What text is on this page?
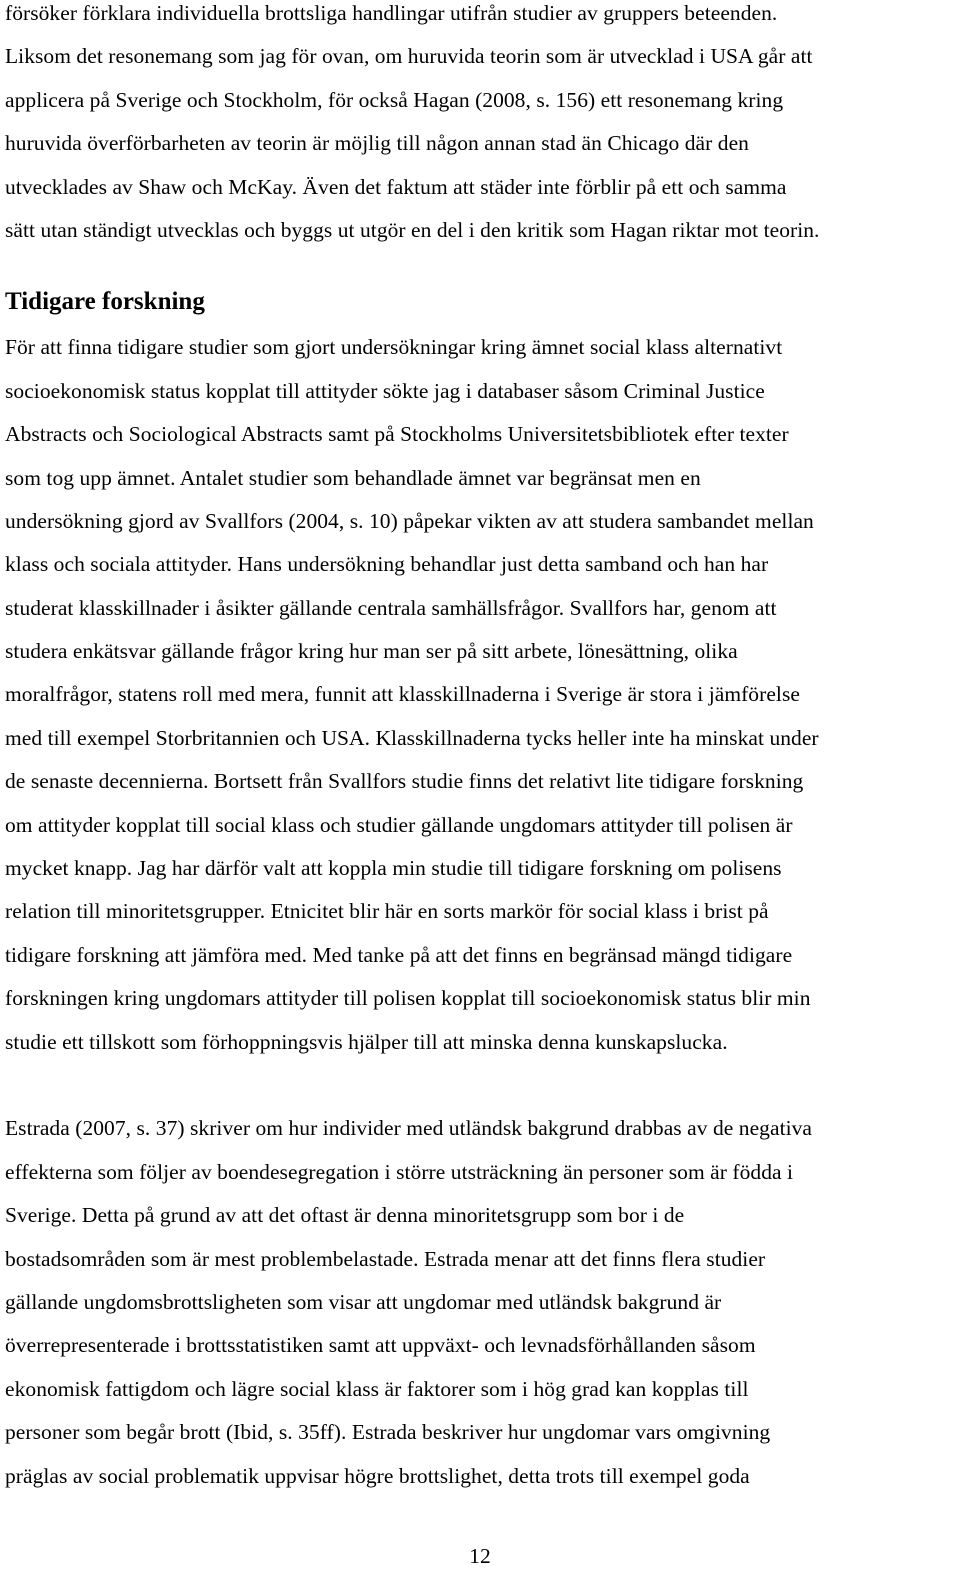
försöker förklara individuella brottsliga handlingar utifrån studier av gruppers beteenden.
Liksom det resonemang som jag för ovan, om huruvida teorin som är utvecklad i USA går att
applicera på Sverige och Stockholm, för också Hagan (2008, s. 156) ett resonemang kring
huruvida överförbarheten av teorin är möjlig till någon annan stad än Chicago där den
utvecklades av Shaw och McKay. Även det faktum att städer inte förblir på ett och samma
sätt utan ständigt utvecklas och byggs ut utgör en del i den kritik som Hagan riktar mot teorin.
Tidigare forskning
För att finna tidigare studier som gjort undersökningar kring ämnet social klass alternativt
socioekonomisk status kopplat till attityder sökte jag i databaser såsom Criminal Justice
Abstracts och Sociological Abstracts samt på Stockholms Universitetsbibliotek efter texter
som tog upp ämnet. Antalet studier som behandlade ämnet var begränsat men en
undersökning gjord av Svallfors (2004, s. 10) påpekar vikten av att studera sambandet mellan
klass och sociala attityder. Hans undersökning behandlar just detta samband och han har
studerat klasskillnader i åsikter gällande centrala samhällsfrågor. Svallfors har, genom att
studera enkätsvar gällande frågor kring hur man ser på sitt arbete, lönesättning, olika
moralfrågor, statens roll med mera, funnit att klasskillnaderna i Sverige är stora i jämförelse
med till exempel Storbritannien och USA. Klasskillnaderna tycks heller inte ha minskat under
de senaste decennierna. Bortsett från Svallfors studie finns det relativt lite tidigare forskning
om attityder kopplat till social klass och studier gällande ungdomars attityder till polisen är
mycket knapp. Jag har därför valt att koppla min studie till tidigare forskning om polisens
relation till minoritetsgrupper. Etnicitet blir här en sorts markör för social klass i brist på
tidigare forskning att jämföra med. Med tanke på att det finns en begränsad mängd tidigare
forskningen kring ungdomars attityder till polisen kopplat till socioekonomisk status blir min
studie ett tillskott som förhoppningsvis hjälper till att minska denna kunskapslucka.
Estrada (2007, s. 37) skriver om hur individer med utländsk bakgrund drabbas av de negativa
effekterna som följer av boendesegregation i större utsträckning än personer som är födda i
Sverige. Detta på grund av att det oftast är denna minoritetsgrupp som bor i de
bostadsområden som är mest problembelastade. Estrada menar att det finns flera studier
gällande ungdomsbrottsligheten som visar att ungdomar med utländsk bakgrund är
överrepresenterade i brottsstatistiken samt att uppväxt- och levnadsförhållanden såsom
ekonomisk fattigdom och lägre social klass är faktorer som i hög grad kan kopplas till
personer som begår brott (Ibid, s. 35ff). Estrada beskriver hur ungdomar vars omgivning
präglas av social problematik uppvisar högre brottslighet, detta trots till exempel goda
12
